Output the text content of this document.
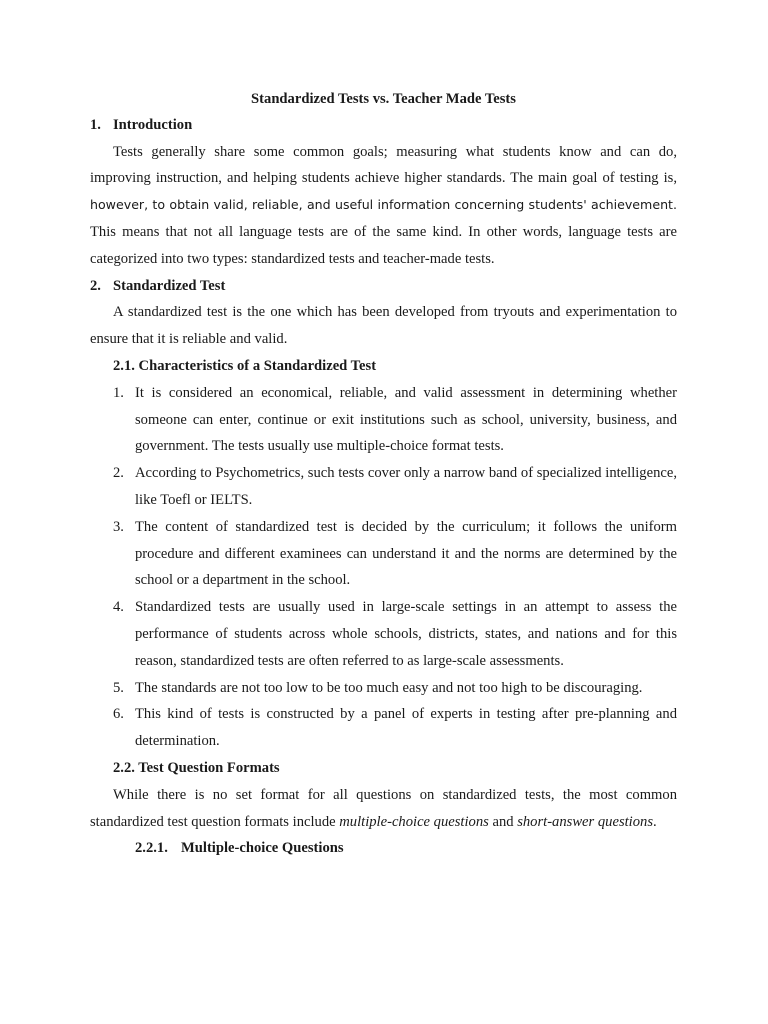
Standardized Tests vs. Teacher Made Tests
1. Introduction

Tests generally share some common goals; measuring what students know and can do, improving instruction, and helping students achieve higher standards. The main goal of testing is, however, to obtain valid, reliable, and useful information concerning students' achievement. This means that not all language tests are of the same kind. In other words, language tests are categorized into two types: standardized tests and teacher-made tests.

2. Standardized Test

A standardized test is the one which has been developed from tryouts and experimentation to ensure that it is reliable and valid.

2.1. Characteristics of a Standardized Test
1. It is considered an economical, reliable, and valid assessment in determining whether someone can enter, continue or exit institutions such as school, university, business, and government. The tests usually use multiple-choice format tests.
2. According to Psychometrics, such tests cover only a narrow band of specialized intelligence, like Toefl or IELTS.
3. The content of standardized test is decided by the curriculum; it follows the uniform procedure and different examinees can understand it and the norms are determined by the school or a department in the school.
4. Standardized tests are usually used in large-scale settings in an attempt to assess the performance of students across whole schools, districts, states, and nations and for this reason, standardized tests are often referred to as large-scale assessments.
5. The standards are not too low to be too much easy and not too high to be discouraging.
6. This kind of tests is constructed by a panel of experts in testing after pre-planning and determination.
2.2. Test Question Formats

While there is no set format for all questions on standardized tests, the most common standardized test question formats include multiple-choice questions and short-answer questions.

2.2.1. Multiple-choice Questions
